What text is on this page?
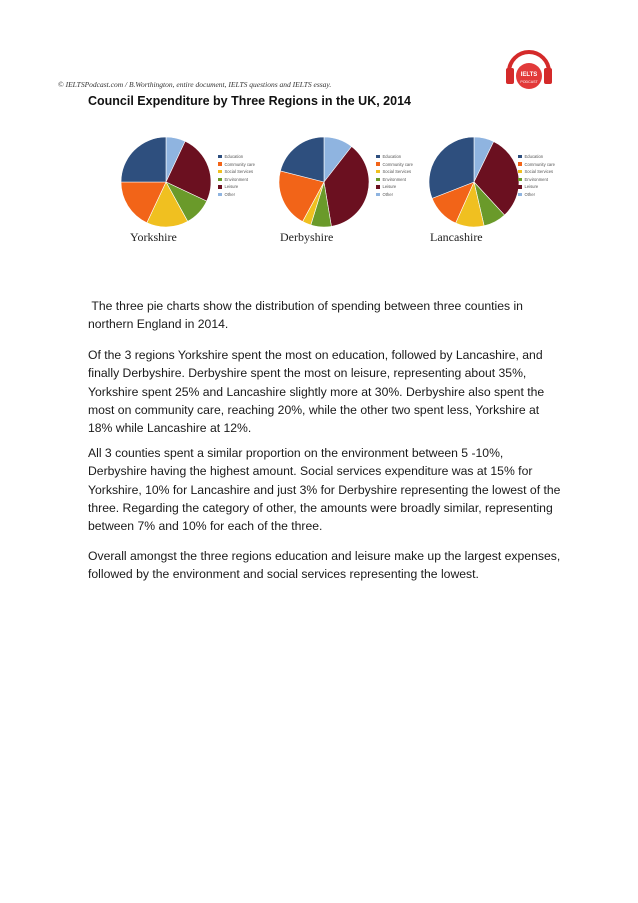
© IELTSPodcast.com / B.Worthington, entire document, IELTS questions and IELTS essay.
IELTS
PODCAST
Council Expenditure by Three Regions in the UK, 2014
Education
Community care
Social Services
Environment
Leisure
Other
Yorkshire
Education
Community care
Social Services
Environment
Leisure
Other
Derbyshire
Education
Community care
Social Services
Environment
Leisure
Other
Lancashire

The three pie charts show the distribution of spending between three counties in northern England in 2014.

Of the 3 regions Yorkshire spent the most on education, followed by Lancashire, and finally Derbyshire. Derbyshire spent the most on leisure, representing about 35%, Yorkshire spent 25% and Lancashire slightly more at 30%. Derbyshire also spent the most on community care, reaching 20%, while the other two spent less, Yorkshire at 18% while Lancashire at 12%.

All 3 counties spent a similar proportion on the environment between 5 -10%, Derbyshire having the highest amount. Social services expenditure was at 15% for Yorkshire, 10% for Lancashire and just 3% for Derbyshire representing the lowest of the three. Regarding the category of other, the amounts were broadly similar, representing between 7% and 10% for each of the three.

Overall amongst the three regions education and leisure make up the largest expenses, followed by the environment and social services representing the lowest.
